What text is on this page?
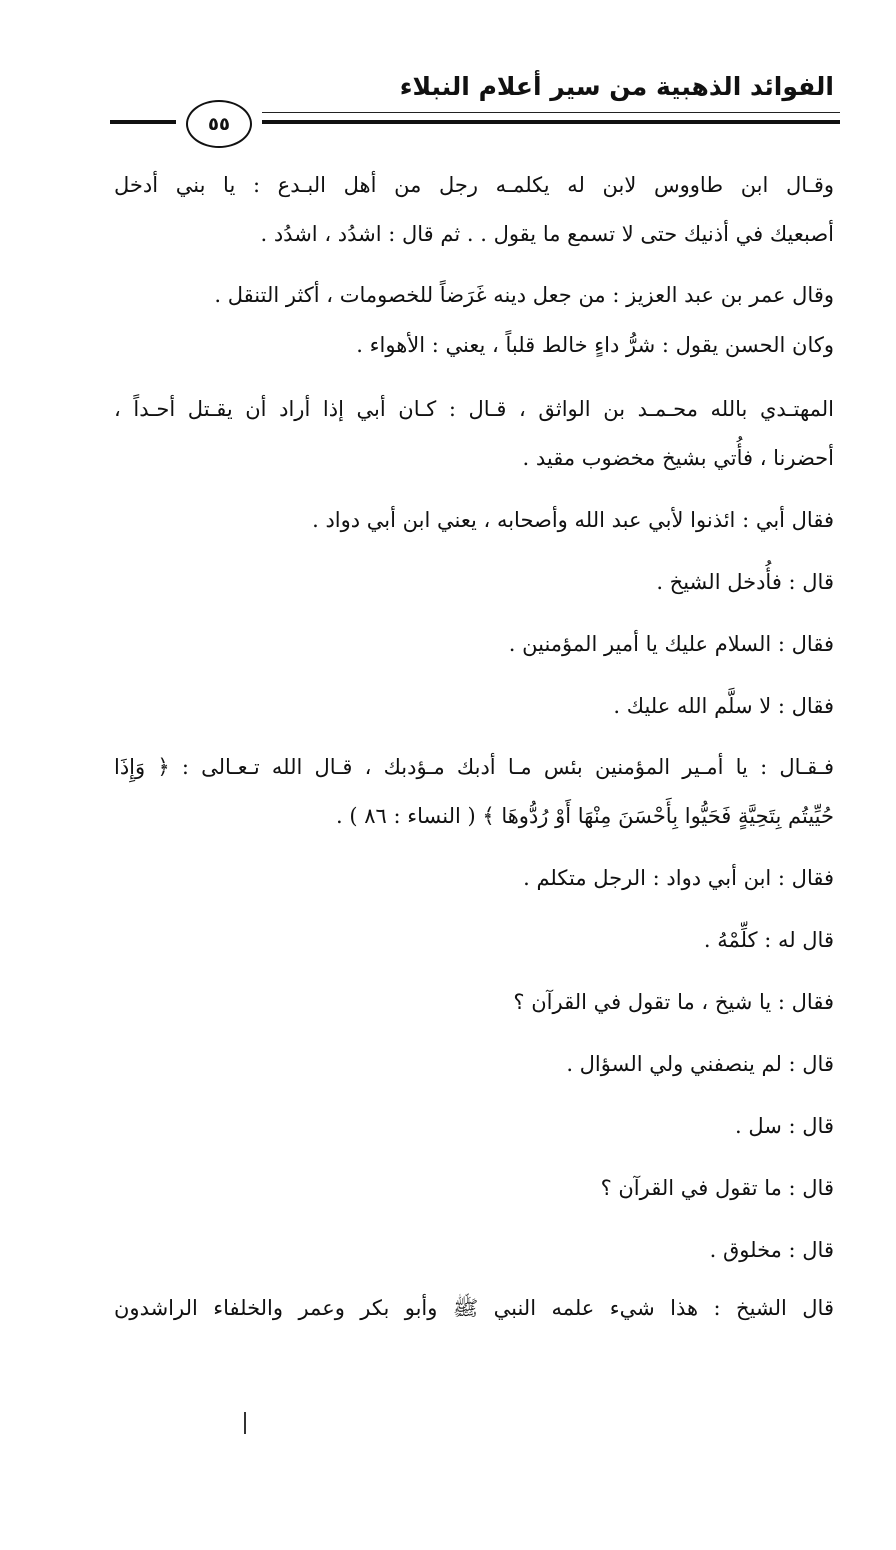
الفوائد الذهبية من سير أعلام النبلاء
٥٥
وقـال ابن طاووس لابن له يكلمـه رجل من أهل البـدع : يا بني أدخل
أصبعيك في أذنيك حتى لا تسمع ما يقول . . ثم قال : اشدُد ، اشدُد .
وقال عمر بن عبد العزيز : من جعل دينه غَرَضاً للخصومات ، أكثر التنقل .
وكان الحسن يقول : شرُّ داءٍ خالط قلباً ، يعني : الأهواء .
المهتـدي بالله محـمـد بن الواثق ، قـال : كـان أبي إذا أراد أن يقـتل أحـداً ،
أحضرنا ، فأُتي بشيخ مخضوب مقيد .
فقال أبي : ائذنوا لأبي عبد الله وأصحابه ، يعني ابن أبي دواد .
قال : فأُدخل الشيخ .
فقال : السلام عليك يا أمير المؤمنين .
فقال : لا سلَّم الله عليك .
فـقـال : يا أمـير المؤمنين بئس مـا أدبك مـؤدبك ، قـال الله تـعـالى : ﴿ وَإِذَا
حُيِّيتُم بِتَحِيَّةٍ فَحَيُّوا بِأَحْسَنَ مِنْهَا أَوْ رُدُّوهَا ﴾ ( النساء : ٨٦ ) .
فقال : ابن أبي دواد : الرجل متكلم .
قال له : كلِّمْهُ .
فقال : يا شيخ ، ما تقول في القرآن ؟
قال : لم ينصفني ولي السؤال .
قال : سل .
قال : ما تقول في القرآن ؟
قال : مخلوق .
قال الشيخ : هذا شيء علمه النبي ﷺ وأبو بكر وعمر والخلفاء الراشدون
